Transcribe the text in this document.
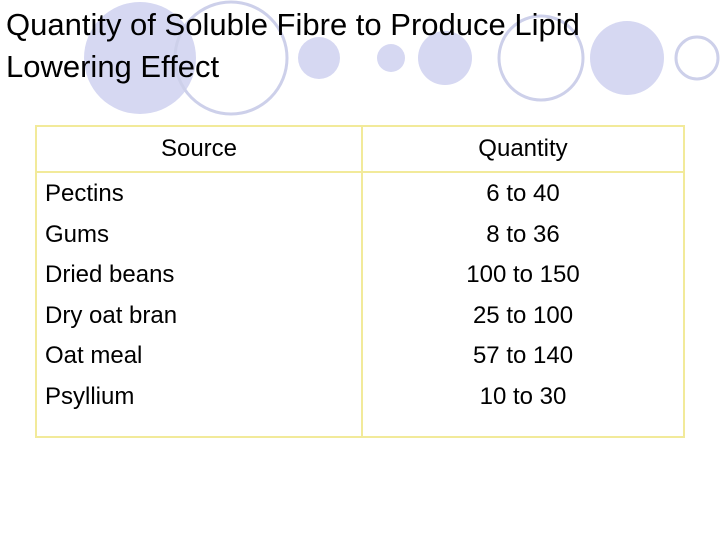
Quantity of Soluble Fibre to Produce Lipid
Lowering Effect
Source	Quantity
Pectins
Gums
Dried beans
Dry oat bran
Oat meal
Psyllium
6 to 40
8 to 36
100 to 150
25 to 100
57 to 140
10 to 30
